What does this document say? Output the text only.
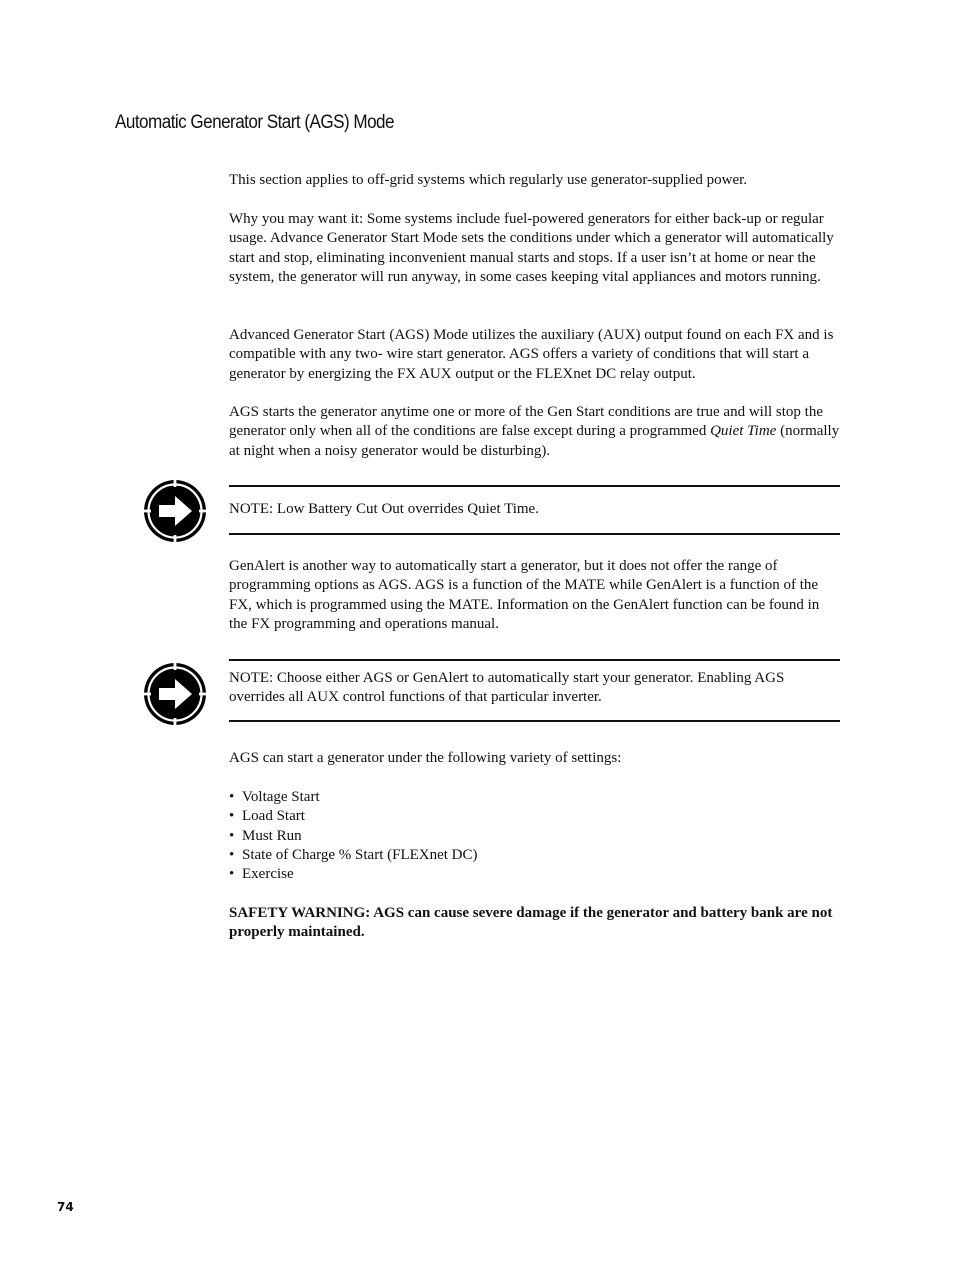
Automatic Generator Start (AGS) Mode

This section applies to off-grid systems which regularly use generator-supplied power.

Why you may want it: Some systems include fuel-powered generators for either back-up or regular usage. Advance Generator Start Mode sets the conditions under which a generator will automatically start and stop, eliminating inconvenient manual starts and stops. If a user isn’t at home or near the system, the generator will run anyway, in some cases keeping vital appliances and motors running.

Advanced Generator Start (AGS) Mode utilizes the auxiliary (AUX) output found on each FX and is compatible with any two- wire start generator. AGS offers a variety of conditions that will start a generator by energizing the FX AUX output or the FLEXnet DC relay output.

AGS starts the generator anytime one or more of the Gen Start conditions are true and will stop the generator only when all of the conditions are false except during a programmed Quiet Time (normally at night when a noisy generator would be disturbing).

NOTE: Low Battery Cut Out overrides Quiet Time.

GenAlert is another way to automatically start a generator, but it does not offer the range of programming options as AGS. AGS is a function of the MATE while GenAlert is a function of the FX, which is programmed using the MATE. Information on the GenAlert function can be found in the FX programming and operations manual.

NOTE: Choose either AGS or GenAlert to automatically start your generator. Enabling AGS overrides all AUX control functions of that particular inverter.

AGS can start a generator under the following variety of settings:

• Voltage Start
• Load Start
• Must Run
• State of Charge % Start (FLEXnet DC)
• Exercise

SAFETY WARNING: AGS can cause severe damage if the generator and battery bank are not properly maintained.

74
